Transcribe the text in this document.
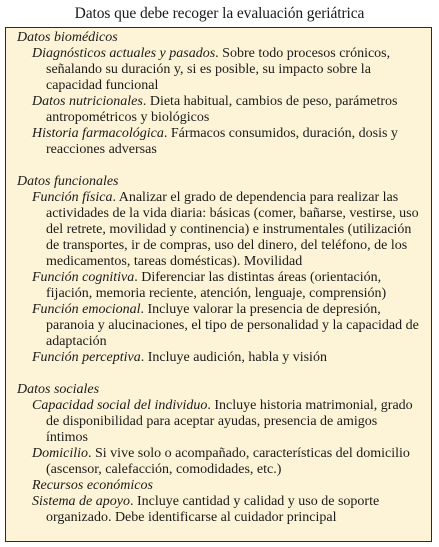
Datos que debe recoger la evaluación geriátrica
Datos biomédicos

Diagnósticos actuales y pasados. Sobre todo procesos crónicos, señalando su duración y, si es posible, su impacto sobre la capacidad funcional

Datos nutricionales. Dieta habitual, cambios de peso, parámetros antropométricos y biológicos

Historia farmacológica. Fármacos consumidos, duración, dosis y reacciones adversas

Datos funcionales

Función física. Analizar el grado de dependencia para realizar las actividades de la vida diaria: básicas (comer, bañarse, vestirse, uso del retrete, movilidad y continencia) e instrumentales (utilización de transportes, ir de compras, uso del dinero, del teléfono, de los medicamentos, tareas domésticas). Movilidad

Función cognitiva. Diferenciar las distintas áreas (orientación, fijación, memoria reciente, atención, lenguaje, comprensión)

Función emocional. Incluye valorar la presencia de depresión, paranoia y alucinaciones, el tipo de personalidad y la capacidad de adaptación

Función perceptiva. Incluye audición, habla y visión

Datos sociales

Capacidad social del individuo. Incluye historia matrimonial, grado de disponibilidad para aceptar ayudas, presencia de amigos íntimos

Domicilio. Si vive solo o acompañado, características del domicilio (ascensor, calefacción, comodidades, etc.)

Recursos económicos

Sistema de apoyo. Incluye cantidad y calidad y uso de soporte organizado. Debe identificarse al cuidador principal
